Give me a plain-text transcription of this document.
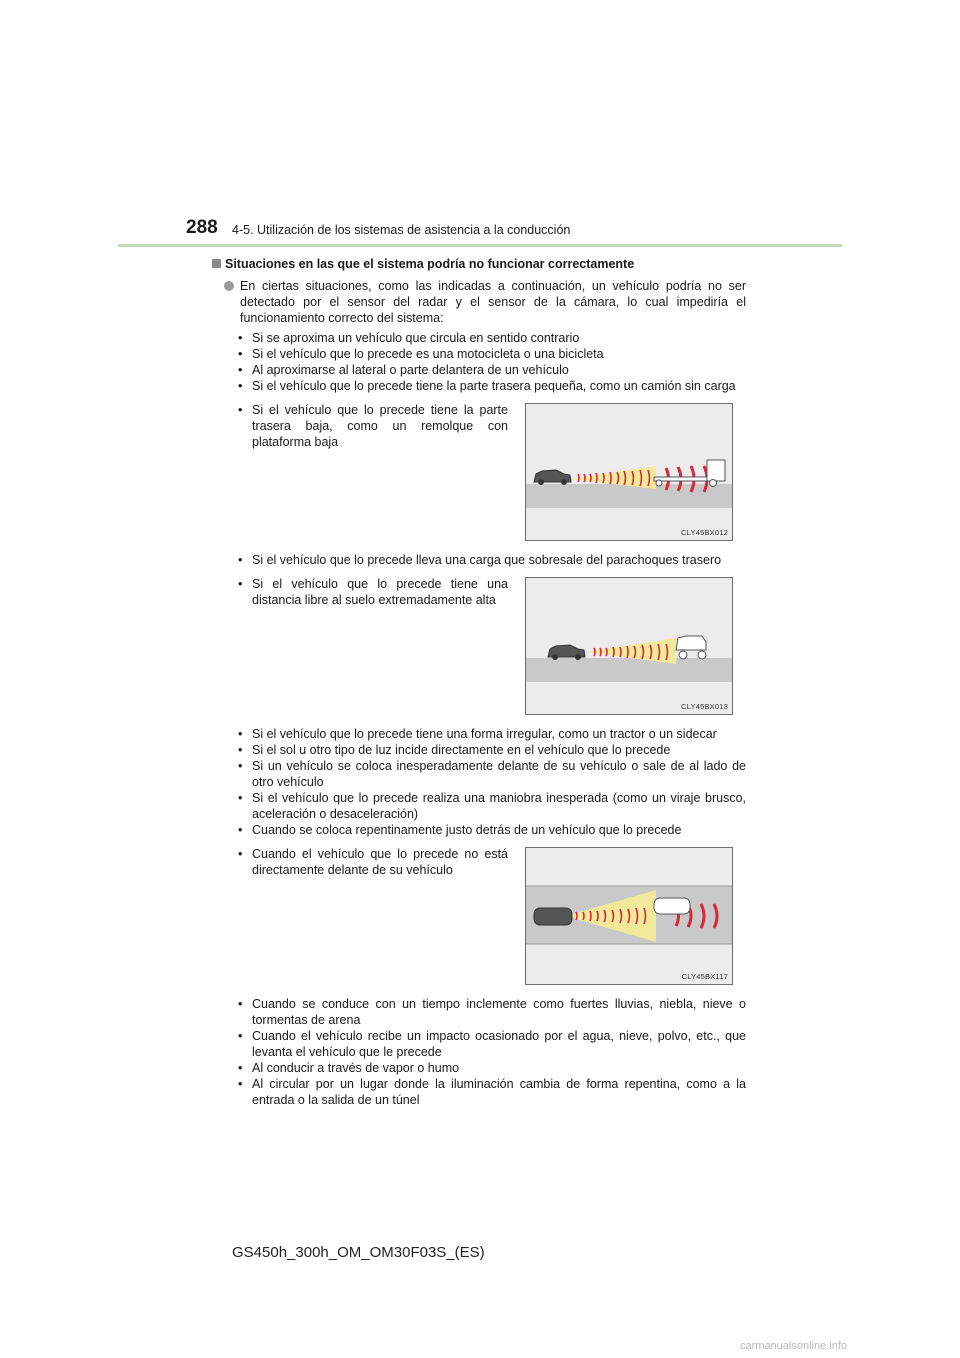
288 4-5. Utilización de los sistemas de asistencia a la conducción
Situaciones en las que el sistema podría no funcionar correctamente

En ciertas situaciones, como las indicadas a continuación, un vehículo podría no ser detectado por el sensor del radar y el sensor de la cámara, lo cual impediría el funcionamiento correcto del sistema:

• Si se aproxima un vehículo que circula en sentido contrario
• Si el vehículo que lo precede es una motocicleta o una bicicleta
• Al aproximarse al lateral o parte delantera de un vehículo
• Si el vehículo que lo precede tiene la parte trasera pequeña, como un camión sin carga
• Si el vehículo que lo precede tiene la parte trasera baja, como un remolque con plataforma baja
CLY45BX012
• Si el vehículo que lo precede lleva una carga que sobresale del parachoques trasero
• Si el vehículo que lo precede tiene una distancia libre al suelo extremadamente alta
CLY45BX013
• Si el vehículo que lo precede tiene una forma irregular, como un tractor o un sidecar
• Si el sol u otro tipo de luz incide directamente en el vehículo que lo precede
• Si un vehículo se coloca inesperadamente delante de su vehículo o sale de al lado de otro vehículo
• Si el vehículo que lo precede realiza una maniobra inesperada (como un viraje brusco, aceleración o desaceleración)
• Cuando se coloca repentinamente justo detrás de un vehículo que lo precede
• Cuando el vehículo que lo precede no está directamente delante de su vehículo
CLY45BX117
• Cuando se conduce con un tiempo inclemente como fuertes lluvias, niebla, nieve o tormentas de arena
• Cuando el vehículo recibe un impacto ocasionado por el agua, nieve, polvo, etc., que levanta el vehículo que le precede
• Al conducir a través de vapor o humo
• Al circular por un lugar donde la iluminación cambia de forma repentina, como a la entrada o la salida de un túnel
GS450h_300h_OM_OM30F03S_(ES)
carmanualsonline.info
